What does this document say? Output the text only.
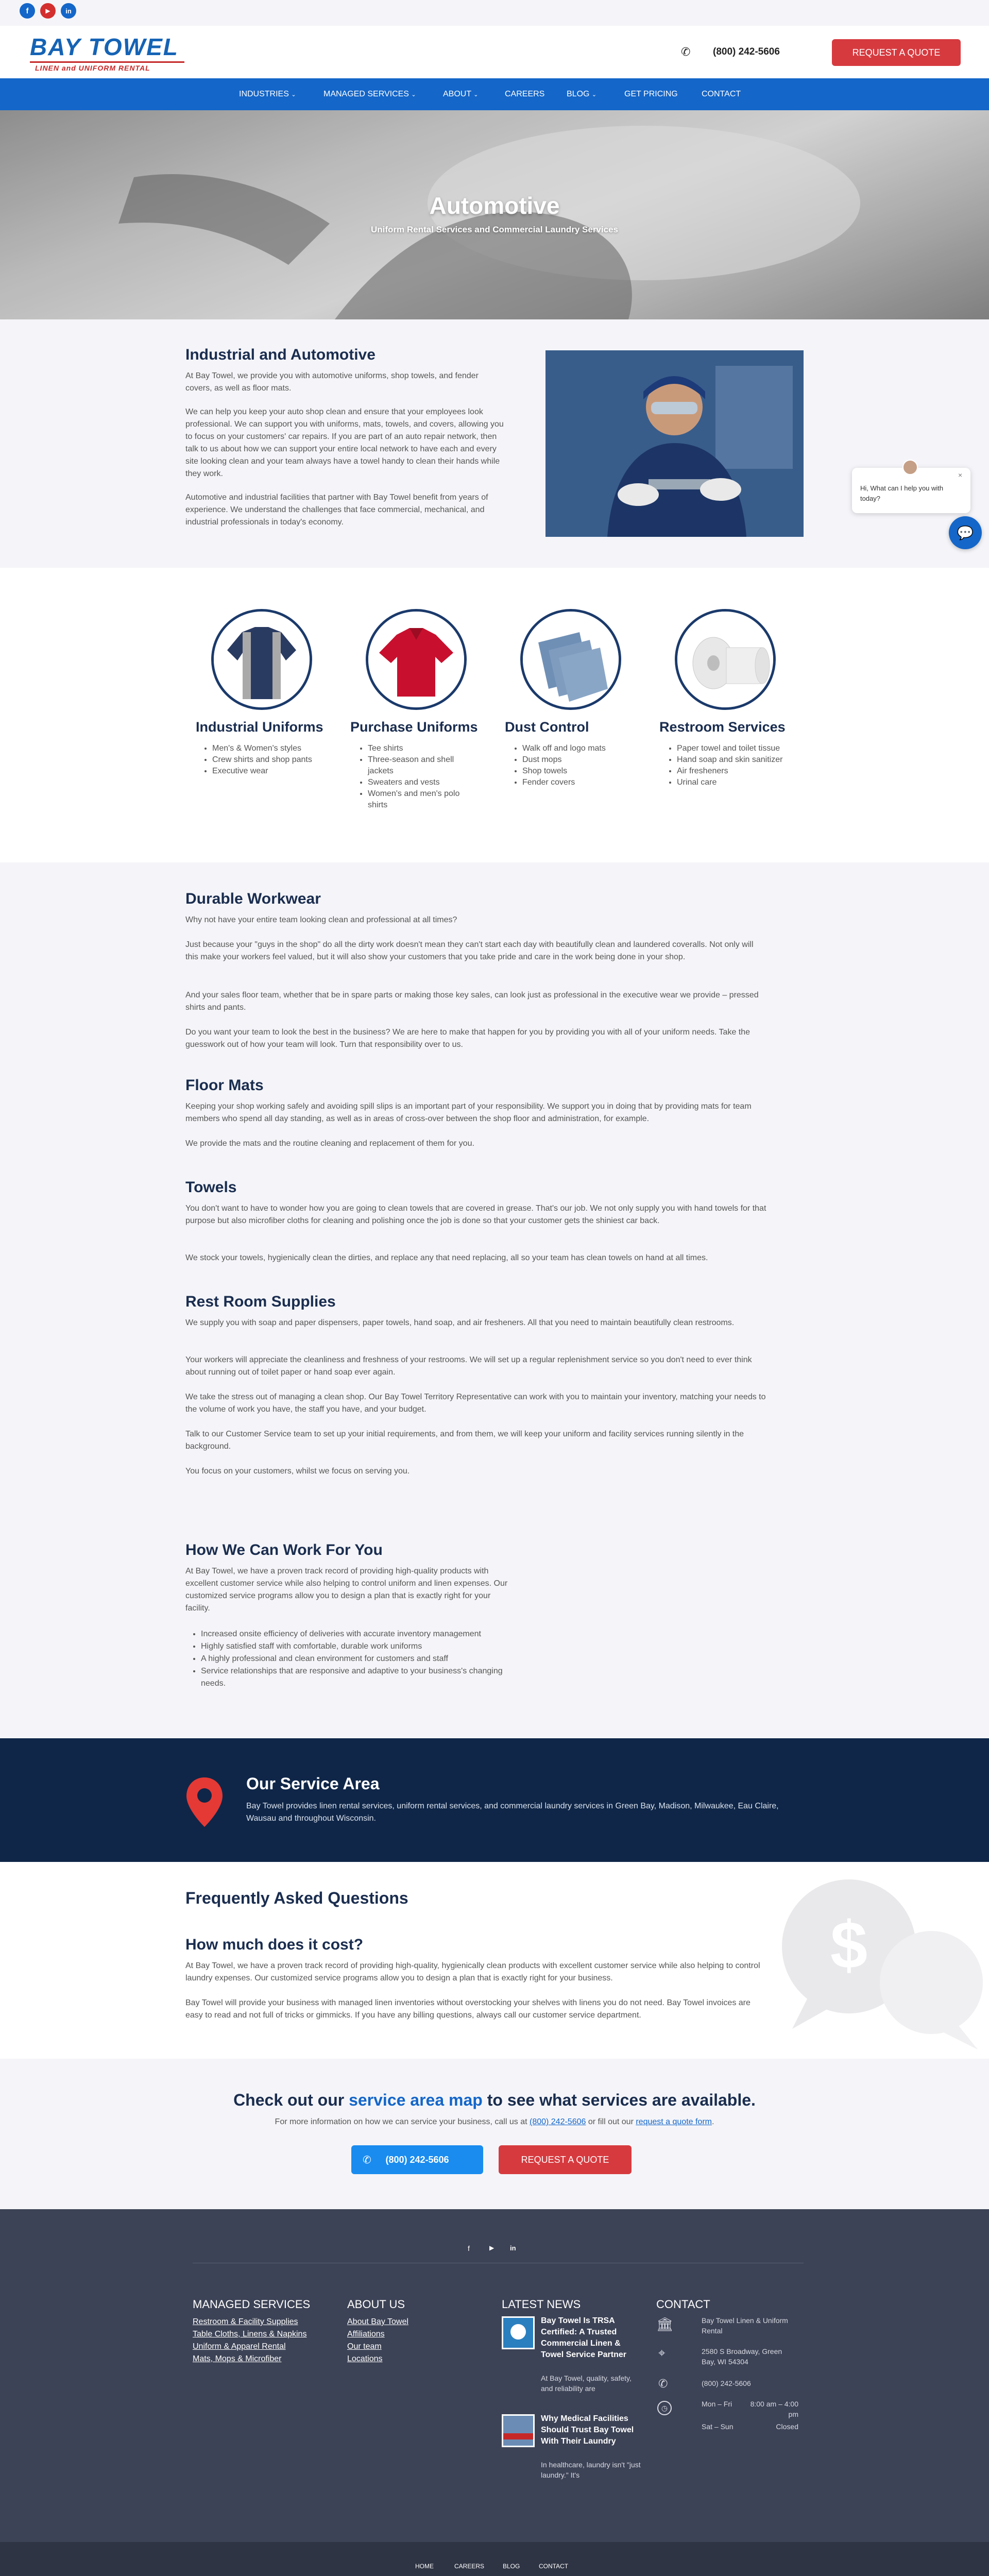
f	▶	in
BAY TOWEL
LINEN and UNIFORM RENTAL
✆ (800) 242-5606	REQUEST A QUOTE
INDUSTRIES ⌄	MANAGED SERVICES ⌄	ABOUT ⌄	CAREERS	BLOG ⌄	GET PRICING	CONTACT
Automotive
Uniform Rental Services and Commercial Laundry Services
Industrial and Automotive

At Bay Towel, we provide you with automotive uniforms, shop towels, and fender covers, as well as floor mats.

We can help you keep your auto shop clean and ensure that your employees look professional. We can support you with uniforms, mats, towels, and covers, allowing you to focus on your customers' car repairs. If you are part of an auto repair network, then talk to us about how we can support your entire local network to have each and every site looking clean and your team always have a towel handy to clean their hands while they work.

Automotive and industrial facilities that partner with Bay Towel benefit from years of experience. We understand the challenges that face commercial, mechanical, and industrial professionals in today's economy.

×
Hi, What can I help you with today?
💬
Industrial Uniforms
• Men's & Women's styles
• Crew shirts and shop pants
• Executive wear
Purchase Uniforms
• Tee shirts
• Three-season and shell jackets
• Sweaters and vests
• Women's and men's polo shirts
Dust Control
• Walk off and logo mats
• Dust mops
• Shop towels
• Fender covers
Restroom Services
• Paper towel and toilet tissue
• Hand soap and skin sanitizer
• Air fresheners
• Urinal care
Durable Workwear

Why not have your entire team looking clean and professional at all times?

Just because your "guys in the shop" do all the dirty work doesn't mean they can't start each day with beautifully clean and laundered coveralls. Not only will this make your workers feel valued, but it will also show your customers that you take pride and care in the work being done in your shop.

And your sales floor team, whether that be in spare parts or making those key sales, can look just as professional in the executive wear we provide – pressed shirts and pants.

Do you want your team to look the best in the business? We are here to make that happen for you by providing you with all of your uniform needs. Take the guesswork out of how your team will look. Turn that responsibility over to us.

Floor Mats

Keeping your shop working safely and avoiding spill slips is an important part of your responsibility. We support you in doing that by providing mats for team members who spend all day standing, as well as in areas of cross-over between the shop floor and administration, for example.

We provide the mats and the routine cleaning and replacement of them for you.

Towels

You don't want to have to wonder how you are going to clean towels that are covered in grease. That's our job. We not only supply you with hand towels for that purpose but also microfiber cloths for cleaning and polishing once the job is done so that your customer gets the shiniest car back.

We stock your towels, hygienically clean the dirties, and replace any that need replacing, all so your team has clean towels on hand at all times.

Rest Room Supplies

We supply you with soap and paper dispensers, paper towels, hand soap, and air fresheners. All that you need to maintain beautifully clean restrooms.

Your workers will appreciate the cleanliness and freshness of your restrooms. We will set up a regular replenishment service so you don't need to ever think about running out of toilet paper or hand soap ever again.

We take the stress out of managing a clean shop. Our Bay Towel Territory Representative can work with you to maintain your inventory, matching your needs to the volume of work you have, the staff you have, and your budget.

Talk to our Customer Service team to set up your initial requirements, and from them, we will keep your uniform and facility services running silently in the background.

You focus on your customers, whilst we focus on serving you.

How We Can Work For You

At Bay Towel, we have a proven track record of providing high-quality products with excellent customer service while also helping to control uniform and linen expenses. Our customized service programs allow you to design a plan that is exactly right for your facility.

• Increased onsite efficiency of deliveries with accurate inventory management
• Highly satisfied staff with comfortable, durable work uniforms
• A highly professional and clean environment for customers and staff
• Service relationships that are responsive and adaptive to your business's changing needs.
Our Service Area
Bay Towel provides linen rental services, uniform rental services, and commercial laundry services in Green Bay, Madison, Milwaukee, Eau Claire, Wausau and throughout Wisconsin.
$
Frequently Asked Questions
How much does it cost?

At Bay Towel, we have a proven track record of providing high-quality, hygienically clean products with excellent customer service while also helping to control laundry expenses. Our customized service programs allow you to design a plan that is exactly right for your business.

Bay Towel will provide your business with managed linen inventories without overstocking your shelves with linens you do not need. Bay Towel invoices are easy to read and not full of tricks or gimmicks. If you have any billing questions, always call our customer service department.

Check out our service area map to see what services are available.
For more information on how we can service your business, call us at (800) 242-5606 or fill out our request a quote form.
✆ (800) 242-5606	REQUEST A QUOTE
f	▶ in
MANAGED SERVICES
Restroom & Facility Supplies
Table Cloths, Linens & Napkins
Uniform & Apparel Rental
Mats, Mops & Microfiber
ABOUT US
About Bay Towel
Affiliations
Our team
Locations
LATEST NEWS
Bay Towel Is TRSA Certified: A Trusted Commercial Linen & Towel Service Partner
At Bay Towel, quality, safety, and reliability are
Why Medical Facilities Should Trust Bay Towel With Their Laundry
In healthcare, laundry isn't "just laundry." It's
CONTACT
🏛	Bay Towel Linen & Uniform Rental
⌖	2580 S Broadway, Green Bay, WI 54304
✆	(800) 242-5606
◷	Mon – Fri	8:00 am – 4:00 pm
Sat – Sun	Closed
HOME	CAREERS	BLOG	CONTACT
